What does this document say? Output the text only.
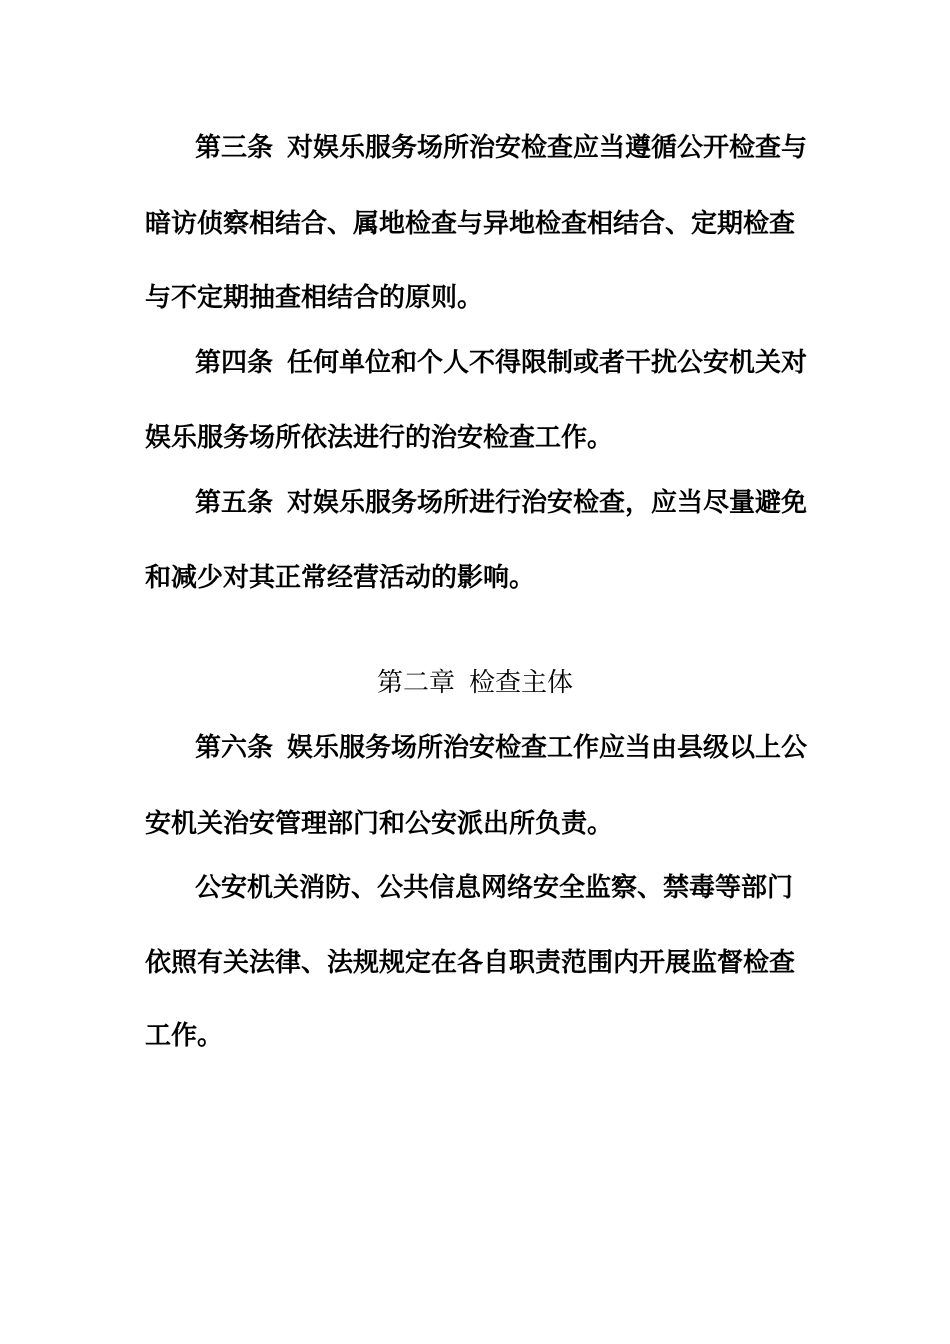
第三条 对娱乐服务场所治安检查应当遵循公开检查与
暗访侦察相结合、属地检查与异地检查相结合、定期检查
与不定期抽查相结合的原则。
第四条 任何单位和个人不得限制或者干扰公安机关对
娱乐服务场所依法进行的治安检查工作。
第五条 对娱乐服务场所进行治安检查，应当尽量避免
和减少对其正常经营活动的影响。
第二章 检查主体
第六条 娱乐服务场所治安检查工作应当由县级以上公
安机关治安管理部门和公安派出所负责。
公安机关消防、公共信息网络安全监察、禁毒等部门
依照有关法律、法规规定在各自职责范围内开展监督检查
工作。
